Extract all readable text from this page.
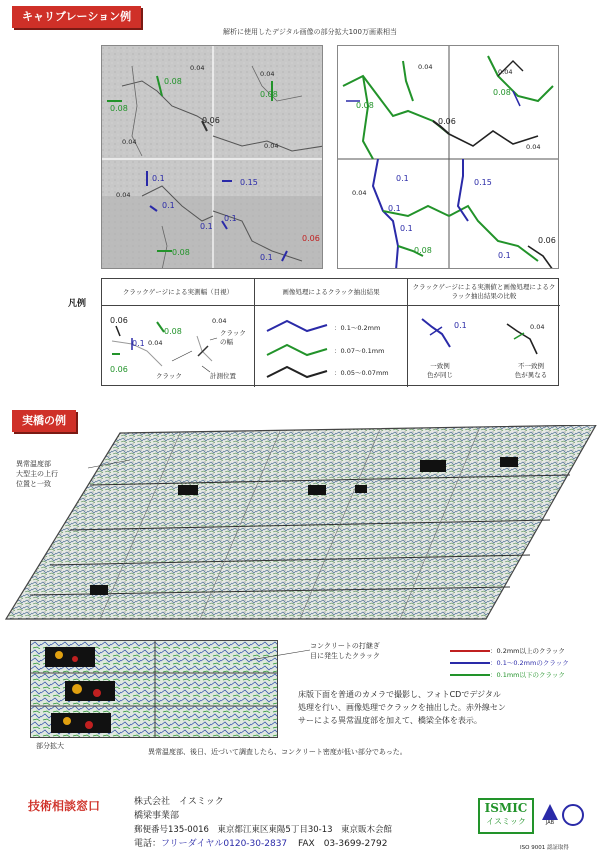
キャリブレーション例
解析に使用したデジタル画像の部分拡大100万画素相当
0.08
0.04
0.04
0.08
0.08
0.06
0.04	0.04
0.04
0.1	0.15
0.1
0.1
0.1
0.08
0.1
0.06
0.08
0.04
0.04
0.08
0.06
0.04
0.04
0.1	0.15
0.1
0.1
0.08
0.1
0.06
凡例
クラックゲージによる実測幅（目視）	画像処理によるクラック抽出結果
クラックゲージによる実測値と画像処理によるクラック抽出結果の比較
0.06
0.08
0.04
0.1 0.04
0.06
クラックの幅
クラック	計測位置
：0.1〜0.2mm
：0.07〜0.1mm
：0.05〜0.07mm
0.1	0.04
一致例
色が同じ
不一致例
色が異なる
実橋の例
異常温度部
大型主の上行
位置と一致
コンクリートの打継ぎ
目に発生したクラック
：0.2mm以上のクラック
：0.1〜0.2mmのクラック
：0.1mm以下のクラック
床版下面を普通のカメラで撮影し、フォトCDでデジタル処理を行い、画像処理でクラックを抽出した。赤外線センサーによる異常温度部を加えて、橋梁全体を表示。
部分拡大
異常温度部、後日、近づいて調査したら、コンクリート密度が低い部分であった。
技術相談窓口	株式会社　イスミック
橋梁事業部
郵便番号135-0016　東京都江東区東陽5丁目30-13　東京販木会館
電話：フリーダイヤル0120-30-2837 FAX　03-3699-2792
ISMIC
イスミック	JAB
ISO 9001 認証取得
